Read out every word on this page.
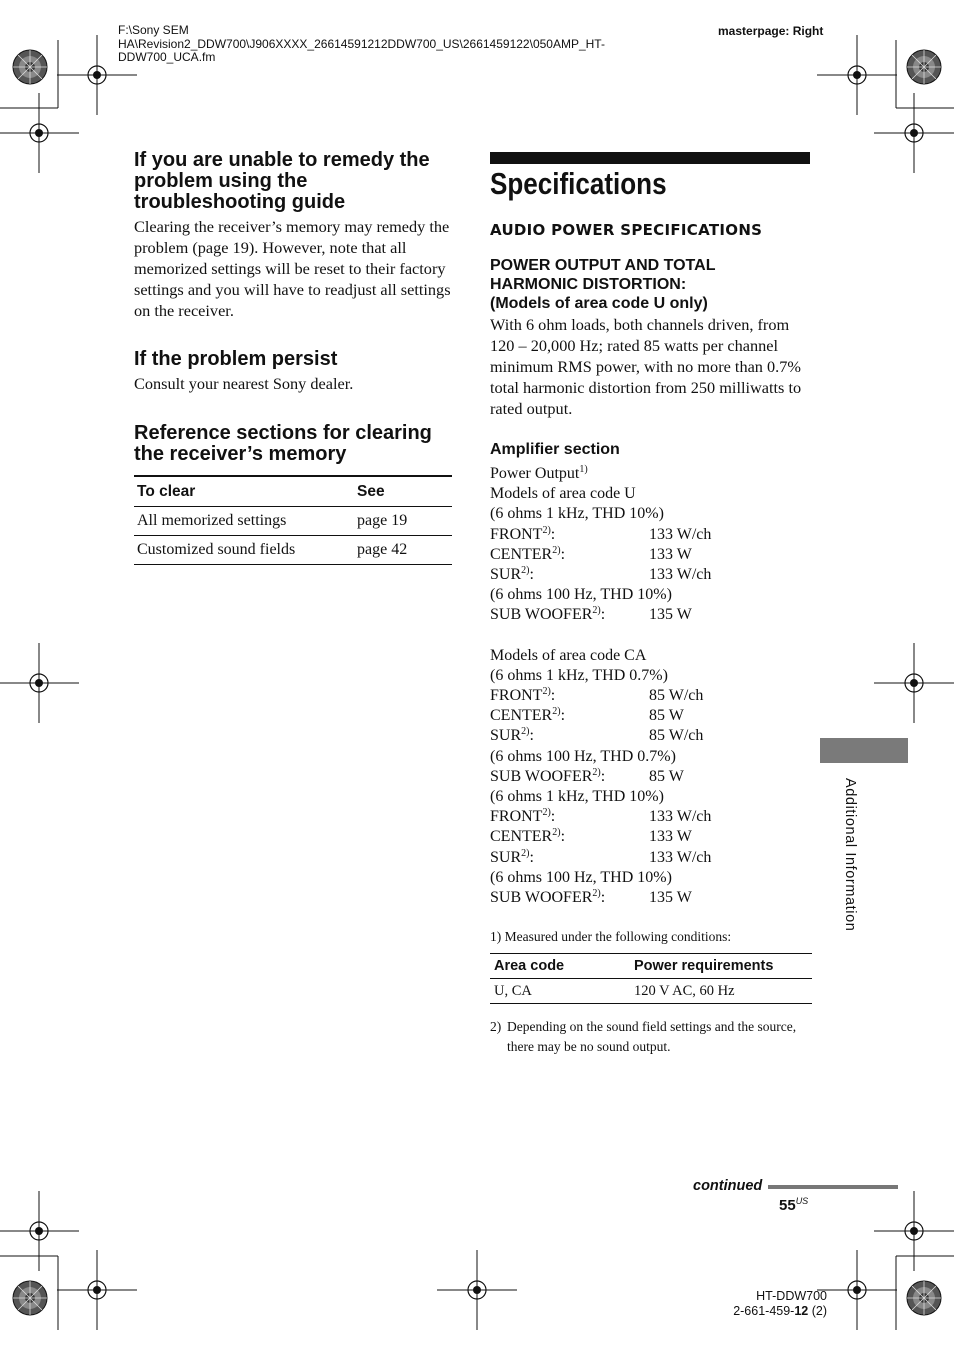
F:\Sony SEM
HA\Revision2_DDW700\J906XXXX_26614591212DDW700_US\2661459122\050AMP_HT-
DDW700_UCA.fm
masterpage: Right
If you are unable to remedy the problem using the troubleshooting guide

Clearing the receiver’s memory may remedy the problem (page 19). However, note that all memorized settings will be reset to their factory settings and you will have to readjust all settings on the receiver.

If the problem persist

Consult your nearest Sony dealer.

Reference sections for clearing the receiver’s memory
To clear	See
All memorized settings	page 19
Customized sound fields	page 42
Specifications
AUDIO POWER SPECIFICATIONS
POWER OUTPUT AND TOTAL
HARMONIC DISTORTION:
(Models of area code U only)

With 6 ohm loads, both channels driven, from 120 – 20,000 Hz; rated 85 watts per channel minimum RMS power, with no more than 0.7% total harmonic distortion from 250 milliwatts to rated output.

Amplifier section
Power Output$^{1)}$
Models of area code U
(6 ohms 1 kHz, THD 10%)
FRONT$^{2)}$:	133 W/ch
CENTER$^{2)}$:	133 W
SUR$^{2)}$:	133 W/ch
(6 ohms 100 Hz, THD 10%)
SUB WOOFER$^{2)}$:	135 W
Models of area code CA
(6 ohms 1 kHz, THD 0.7%)
FRONT$^{2)}$:	85 W/ch
CENTER$^{2)}$:	85 W
SUR$^{2)}$:	85 W/ch
(6 ohms 100 Hz, THD 0.7%)
SUB WOOFER$^{2)}$:	85 W
(6 ohms 1 kHz, THD 10%)
FRONT$^{2)}$:	133 W/ch
CENTER$^{2)}$:	133 W
SUR$^{2)}$:	133 W/ch
(6 ohms 100 Hz, THD 10%)
SUB WOOFER$^{2)}$:	135 W
1) Measured under the following conditions:
Area code	Power requirements
U, CA	120 V AC, 60 Hz
2) Depending on the sound field settings and the source, there may be no sound output.
Additional Information
continued
$55^{US}$
HT-DDW700
2-661-459-12 (2)
